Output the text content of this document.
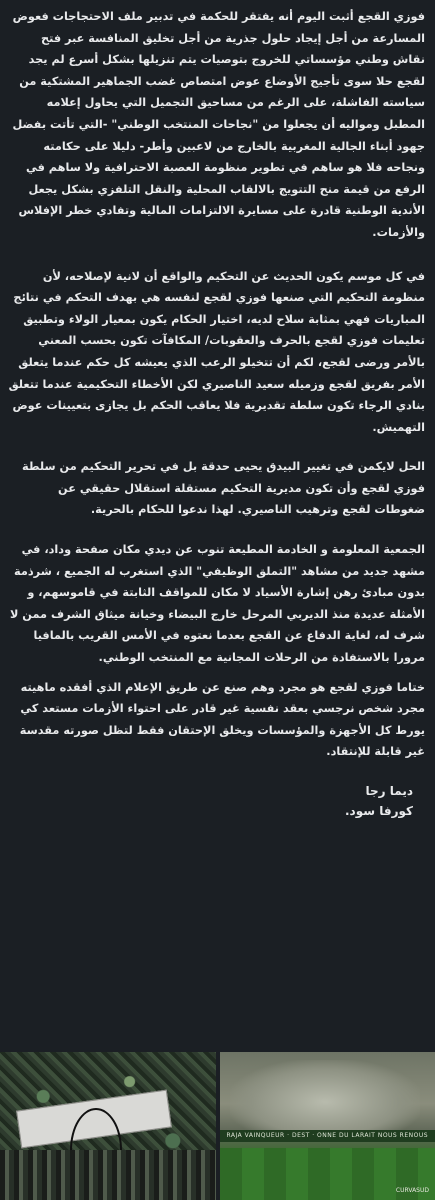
فوزي القجع أثبت اليوم أنه يفتقر للحكمة في تدبير ملف الاحتجاجات فعوض المسارعة من أجل إيجاد حلول جذرية من أجل تخليق المنافسة عبر فتح نقاش وطني مؤسساتي للخروج بتوصيات يتم تنزيلها بشكل أسرع لم يجد لقجع حلا سوى تأجيج الأوضاع عوض امتصاص غضب الجماهير المشتكية من سياسته الفاشلة، على الرغم من مساحيق التجميل التي يحاول إعلامه المطبل ومواليه أن يجعلوا من "نجاحات المنتخب الوطني" -التي تأتت بفضل جهود أبناء الجالية المغربية بالخارج من لاعبين وأطر- دليلا على حكامته ونجاحه فلا هو ساهم في تطوير منظومة العصبة الاحترافية ولا ساهم في الرفع من قيمة منح التتويج بالالقاب المحلية والنقل التلفزي بشكل يجعل الأندية الوطنية قادرة على مسايرة الالتزامات المالية وتفادي خطر الإفلاس والأزمات.

في كل موسم يكون الحديث عن التحكيم والواقع أن لانية لإصلاحه، لأن منظومة التحكيم التي صنعها فوزي لقجع لنفسه هي بهدف التحكم في نتائج المباريات فهي بمثابة سلاح لديه، اختيار الحكام يكون بمعيار الولاء وتطبيق تعليمات فوزي لقجع بالحرف والعقوبات/ المكافآت تكون بحسب المعني بالأمر ورضى لقجع، لكم أن تتخيلو الرعب الذي يعيشه كل حكم عندما يتعلق الأمر بفريق لقجع وزميله سعيد الناصيري لكن الأخطاء التحكيمية عندما تتعلق بنادي الرجاء تكون سلطة تقديرية فلا يعاقب الحكم بل يجازى بتعيينات عوض التهميش.

الحل لايكمن في تغيير البيدق يحيى حدقة بل في تحرير التحكيم من سلطة فوزي لقجع وأن تكون مديرية التحكيم مستقلة استقلال حقيقي عن ضغوطات لقجع وترهيب الناصيري. لهذا ندعوا للحكام بالحرية.

الجمعية المعلومة و الخادمة المطيعة تنوب عن ديدي مكان صفحة وداد، في مشهد جديد من مشاهد "التملق الوظيفي" الذي استغرب له الجميع ، شرذمة بدون مبادئ رهن إشارة الأسياد لا مكان للمواقف الثابتة في قاموسهم، و الأمثلة عديدة منذ الديربي المرحل خارج البيضاء وخيانة ميثاق الشرف ممن لا شرف له، لغاية الدفاع عن القجع بعدما نعتوه في الأمس القريب بالمافيا مرورا بالاستفادة من الرحلات المجانية مع المنتخب الوطني.

ختاما فوزي لقجع هو مجرد وهم صنع عن طريق الإعلام الذي أفقده ماهيته مجرد شخص نرجسي بعقد نفسية غير قادر على احتواء الأزمات مستعد كي يورط كل الأجهزة والمؤسسات ويخلق الإحتقان فقط لتظل صورته مقدسة غير قابلة للإنتقاد.

ديما رجا
كورفا سود.
RAJA VAINQUEUR · DEST · ONNE DU LARAIT NOUS RENOUS
CURVASUD
